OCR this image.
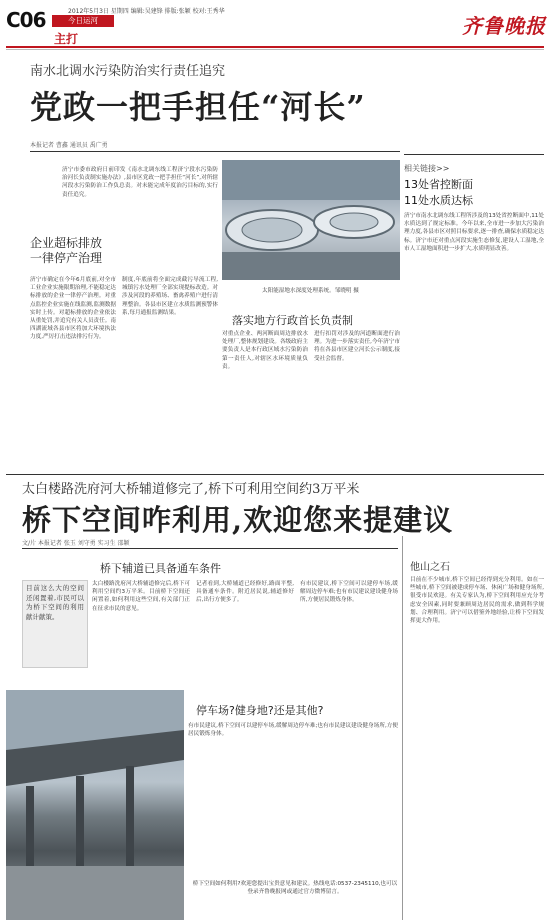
C06	2012年5月3日 星期四 编辑:吴建锋 排版:张颖 校对:王秀华
今日运河
主打
齐鲁晚报
南水北调水污染防治实行责任追究
党政一把手担任“河长”
本报记者 曹鑫 通讯员 禹广勇
济宁市委市政府日前印发《南水北调东线工程济宁段水污染防治河长负责制实施办法》,县市区党政一把手担任“河长”,对所辖河段水污染防治工作负总责。对未能完成年度治污目标的,实行责任追究。
企业超标排放
一律停产治理
济宁市确定在今年6月底前,对全市工业企业实施限期治理,不能稳定达标排放的企业一律停产治理。对重点监控企业实施在线监测,监测数据实时上传。对超标排放的企业依法从重处罚,并追究有关人员责任。南四湖流域各县市区将加大环境执法力度,严厉打击违法排污行为。
制度,年底前将全面完成截污导流工程,城镇污水处理厂全部实现提标改造。对涉及河段的养殖场、畜禽养殖户进行清理整治。各县市区建立水质监测预警体系,每月通报监测结果。
太阳能湿地水深度处理系统。邹晓明 摄
落实地方行政首长负责制
对重点企业、两河断面周边排放水处理厂,整体规划建设。各级政府主要负责人是本行政区域水污染防治第一责任人,对辖区水环境质量负责。
进行扣罚对涉及的河道断面进行治理。为进一步落实责任,今年济宁市将在各县市区建立河长公示制度,接受社会监督。
相关链接>>
13处省控断面
11处水质达标
济宁市南水北调东线工程所涉及的13处省控断面中,11处水质达到了规定标准。今年以来,全市进一步加大污染治理力度,各县市区对照目标要求,逐一排查,确保水质稳定达标。济宁市还对重点河段实施生态修复,建设人工湿地,全市人工湿地面积进一步扩大,水质明显改善。
太白楼路洗府河大桥辅道修完了,桥下可利用空间约3万平米
桥下空间咋利用,欢迎您来提建议
文/片 本报记者 张玉 刘守勇 实习生 邵颖
目前这么大的空间还闲置着,市民可以为桥下空间的利用献计献策。
桥下辅道已具备通车条件
太白楼路洗府河大桥辅道修完后,桥下可利用空间约3万平米。目前桥下空间还闲置着,如何利用这些空间,有关部门正在征求市民的意见。
记者看到,大桥辅道已经修好,路面平整,具备通车条件。附近居民说,辅道修好后,出行方便多了。
有市民建议,桥下空间可以建停车场,缓解周边停车难;也有市民建议建设健身场所,方便居民锻炼身体。
停车场?健身地?还是其他?
有市民建议,桥下空间可以建停车场,缓解周边停车难;也有市民建议建设健身场所,方便居民锻炼身体。
桥下空间如何利用?欢迎您提出宝贵意见和建议。热线电话:0537-2345110,也可以登录齐鲁晚报网或通过官方微博留言。
他山之石
目前在不少城市,桥下空间已经得到充分利用。如在一些城市,桥下空间被建成停车场、休闲广场和健身场所,很受市民欢迎。有关专家认为,桥下空间利用应充分考虑安全因素,同时要兼顾周边居民的需求,做到科学规划、合理利用。济宁可以借鉴外地经验,让桥下空间发挥更大作用。
